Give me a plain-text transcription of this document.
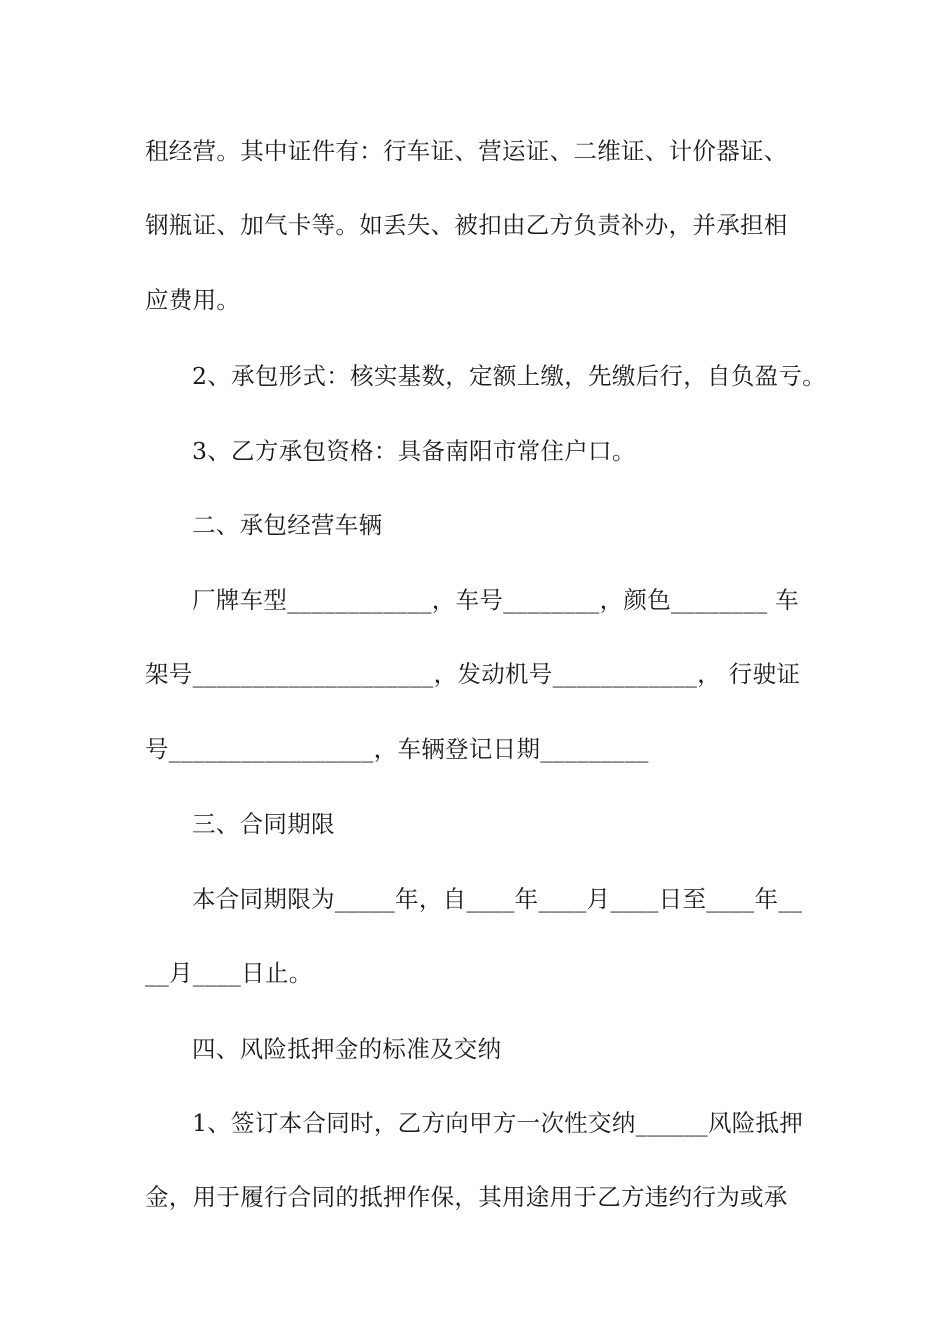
租经营。其中证件有：行车证、营运证、二维证、计价器证、
钢瓶证、加气卡等。如丢失、被扣由乙方负责补办，并承担相
应费用。
2、承包形式：核实基数，定额上缴，先缴后行，自负盈亏。
3、乙方承包资格：具备南阳市常住户口。
二、承包经营车辆
厂牌车型____________，车号________，颜色________ 车
架号____________________，发动机号____________， 行驶证
号_________________，车辆登记日期_________
三、合同期限
本合同期限为_____年，自____年____月____日至____年__
__月____日止。
四、风险抵押金的标准及交纳
1、签订本合同时，乙方向甲方一次性交纳______风险抵押
金，用于履行合同的抵押作保，其用途用于乙方违约行为或承
